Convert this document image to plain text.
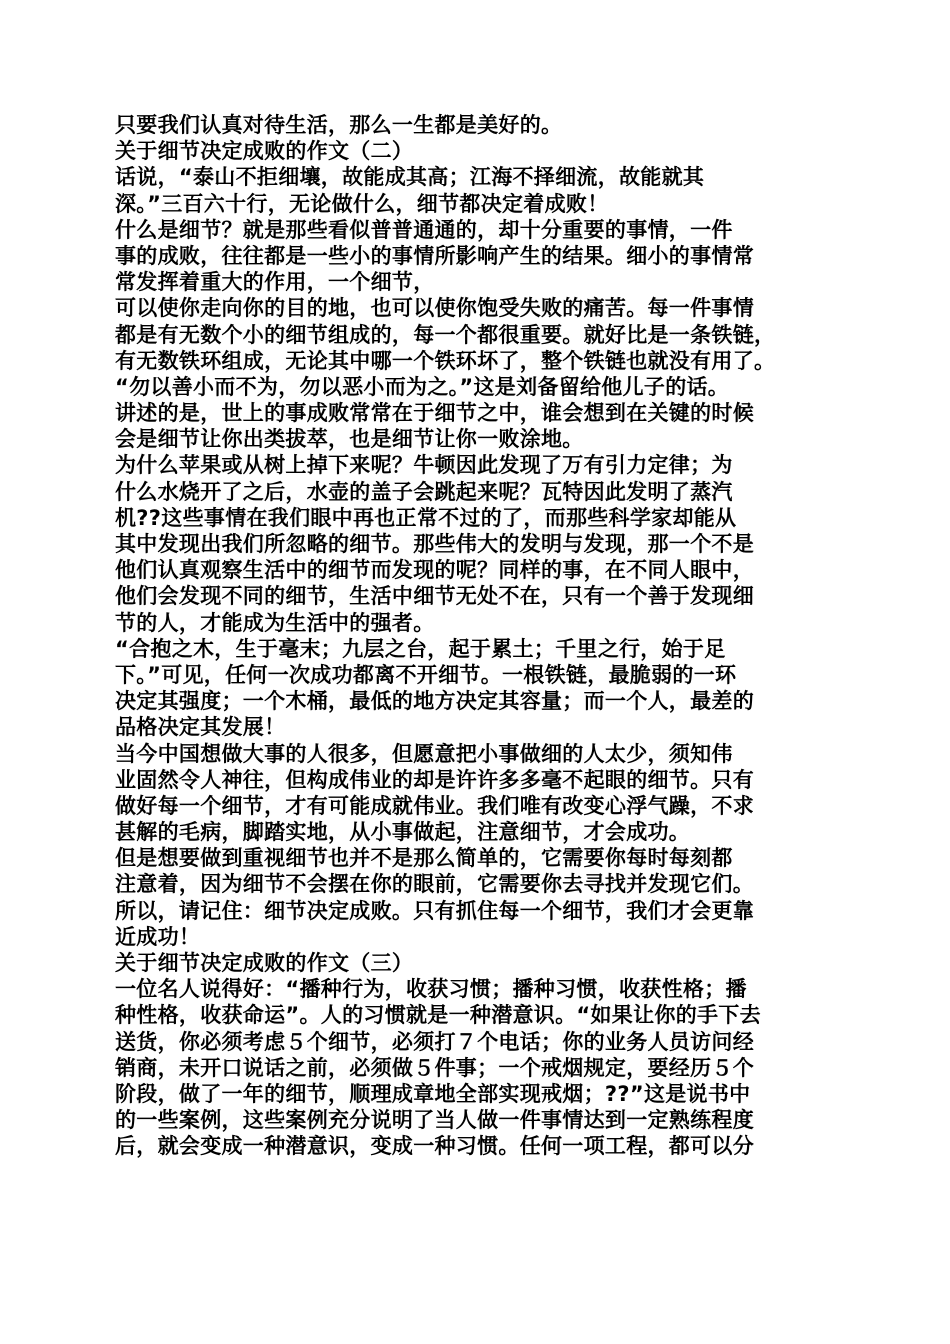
只要我们认真对待生活，那么一生都是美好的。
关于细节决定成败的作文（二）
话说，“泰山不拒细壤，故能成其高；江海不择细流，故能就其
深。”三百六十行，无论做什么，细节都决定着成败！
什么是细节？就是那些看似普普通通的，却十分重要的事情，一件
事的成败，往往都是一些小的事情所影响产生的结果。细小的事情常
常发挥着重大的作用，一个细节，
可以使你走向你的目的地，也可以使你饱受失败的痛苦。每一件事情
都是有无数个小的细节组成的，每一个都很重要。就好比是一条铁链，
有无数铁环组成，无论其中哪一个铁环坏了，整个铁链也就没有用了。
“勿以善小而不为，勿以恶小而为之。”这是刘备留给他儿子的话。
讲述的是，世上的事成败常常在于细节之中，谁会想到在关键的时候
会是细节让你出类拔萃，也是细节让你一败涂地。
为什么苹果或从树上掉下来呢？牛顿因此发现了万有引力定律；为
什么水烧开了之后，水壶的盖子会跳起来呢？瓦特因此发明了蒸汽
机??这些事情在我们眼中再也正常不过的了，而那些科学家却能从
其中发现出我们所忽略的细节。那些伟大的发明与发现，那一个不是
他们认真观察生活中的细节而发现的呢？同样的事，在不同人眼中，
他们会发现不同的细节，生活中细节无处不在，只有一个善于发现细
节的人，才能成为生活中的强者。
“合抱之木，生于毫末；九层之台，起于累土；千里之行，始于足
下。”可见，任何一次成功都离不开细节。一根铁链，最脆弱的一环
决定其强度；一个木桶，最低的地方决定其容量；而一个人，最差的
品格决定其发展！
当今中国想做大事的人很多，但愿意把小事做细的人太少，须知伟
业固然令人神往，但构成伟业的却是许许多多毫不起眼的细节。只有
做好每一个细节，才有可能成就伟业。我们唯有改变心浮气躁，不求
甚解的毛病，脚踏实地，从小事做起，注意细节，才会成功。
但是想要做到重视细节也并不是那么简单的，它需要你每时每刻都
注意着，因为细节不会摆在你的眼前，它需要你去寻找并发现它们。
所以，请记住：细节决定成败。只有抓住每一个细节，我们才会更靠
近成功！
关于细节决定成败的作文（三）
一位名人说得好：“播种行为，收获习惯；播种习惯，收获性格；播
种性格，收获命运”。人的习惯就是一种潜意识。“如果让你的手下去
送货，你必须考虑５个细节，必须打７个电话；你的业务人员访问经
销商，未开口说话之前，必须做５件事；一个戒烟规定，要经历５个
阶段，做了一年的细节，顺理成章地全部实现戒烟；??”这是说书中
的一些案例，这些案例充分说明了当人做一件事情达到一定熟练程度
后，就会变成一种潜意识，变成一种习惯。任何一项工程，都可以分
